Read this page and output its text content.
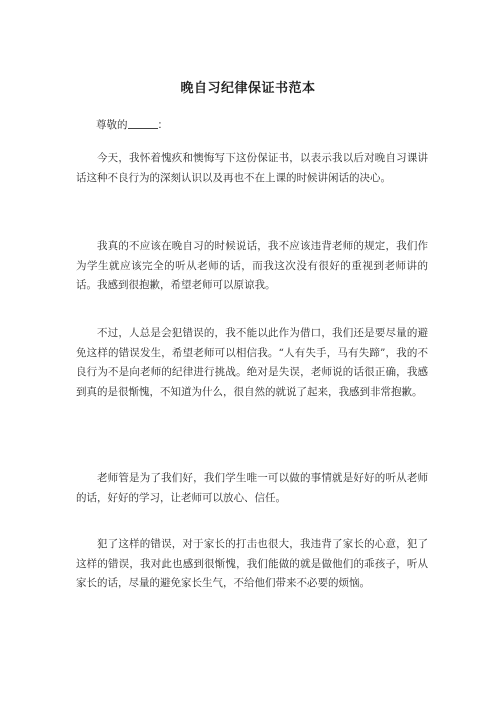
晚自习纪律保证书范本
尊敬的	：

今天，我怀着愧疚和懊悔写下这份保证书，以表示我以后对晚自习课讲话这种不良行为的深刻认识以及再也不在上课的时候讲闲话的决心。

我真的不应该在晚自习的时候说话，我不应该违背老师的规定，我们作为学生就应该完全的听从老师的话，而我这次没有很好的重视到老师讲的话。我感到很抱歉，希望老师可以原谅我。

不过，人总是会犯错误的，我不能以此作为借口，我们还是要尽量的避免这样的错误发生，希望老师可以相信我。“人有失手，马有失蹄”，我的不良行为不是向老师的纪律进行挑战。绝对是失误，老师说的话很正确，我感到真的是很惭愧，不知道为什么，很自然的就说了起来，我感到非常抱歉。

老师管是为了我们好，我们学生唯一可以做的事情就是好好的听从老师的话，好好的学习，让老师可以放心、信任。

犯了这样的错误，对于家长的打击也很大，我违背了家长的心意，犯了这样的错误，我对此也感到很惭愧，我们能做的就是做他们的乖孩子，听从家长的话，尽量的避免家长生气，不给他们带来不必要的烦恼。
